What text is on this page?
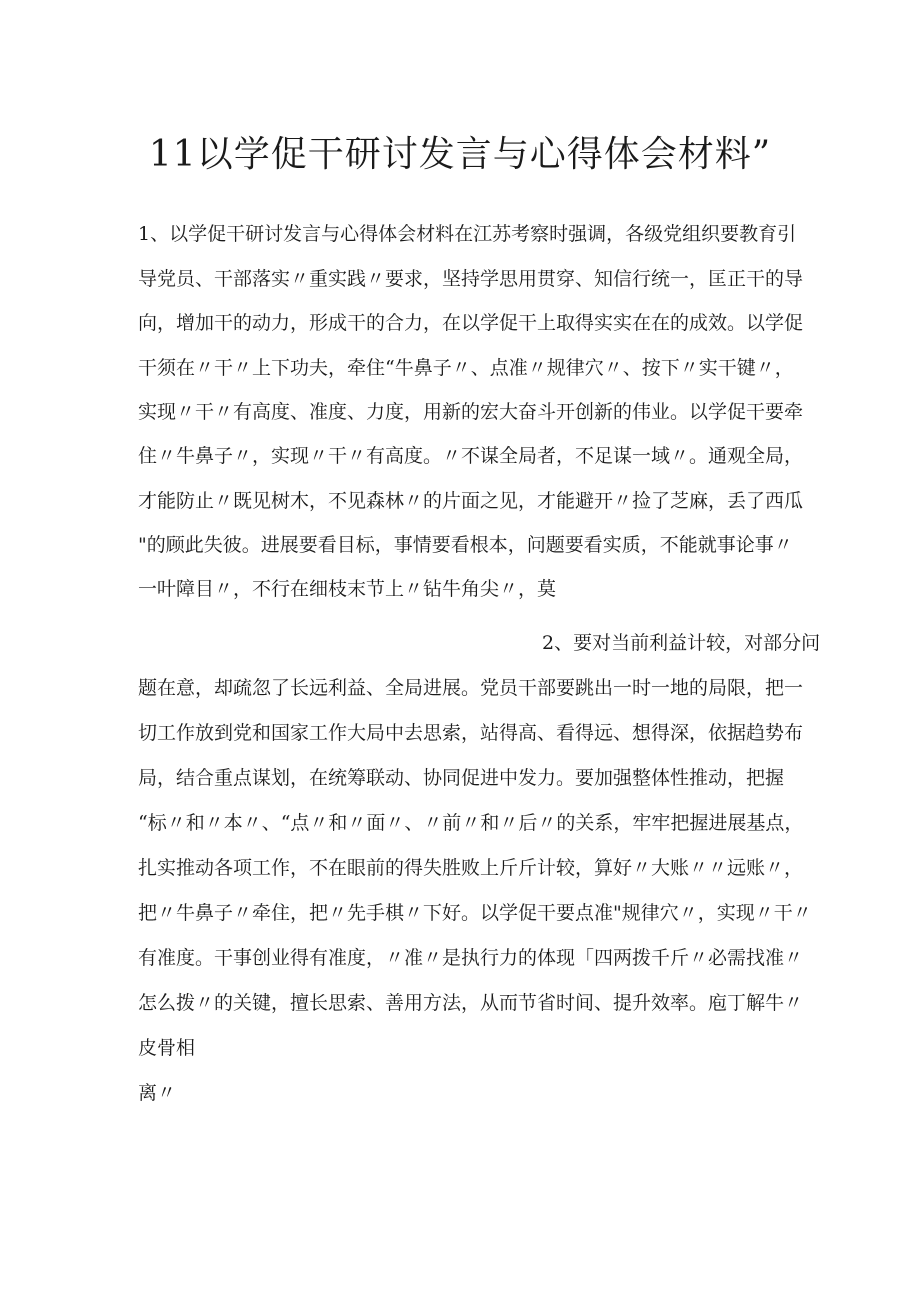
11以学促干研讨发言与心得体会材料”
1、以学促干研讨发言与心得体会材料在江苏考察时强调，各级党组织要教育引
导党员、干部落实〃重实践〃要求，坚持学思用贯穿、知信行统一，匡正干的导
向，增加干的动力，形成干的合力，在以学促干上取得实实在在的成效。以学促
干须在〃干〃上下功夫，牵住“牛鼻子〃、点准〃规律穴〃、按下〃实干键〃，
实现〃干〃有高度、准度、力度，用新的宏大奋斗开创新的伟业。以学促干要牵
住〃牛鼻子〃，实现〃干〃有高度。〃不谋全局者，不足谋一域〃。通观全局，
才能防止〃既见树木，不见森林〃的片面之见，才能避开〃捡了芝麻，丢了西瓜
"的顾此失彼。进展要看目标，事情要看根本，问题要看实质，不能就事论事〃
一叶障目〃，不行在细枝末节上〃钻牛角尖〃，莫
2、要对当前利益计较，对部分问
题在意，却疏忽了长远利益、全局进展。党员干部要跳出一时一地的局限，把一
切工作放到党和国家工作大局中去思索，站得高、看得远、想得深，依据趋势布
局，结合重点谋划，在统筹联动、协同促进中发力。要加强整体性推动，把握
“标〃和〃本〃、“点〃和〃面〃、〃前〃和〃后〃的关系，牢牢把握进展基点，
扎实推动各项工作，不在眼前的得失胜败上斤斤计较，算好〃大账〃〃远账〃，
把〃牛鼻子〃牵住，把〃先手棋〃下好。以学促干要点准"规律穴〃，实现〃干〃
有准度。干事创业得有准度，〃准〃是执行力的体现「四两拨千斤〃必需找准〃
怎么拨〃的关键，擅长思索、善用方法，从而节省时间、提升效率。庖丁解牛〃
皮骨相
离〃
